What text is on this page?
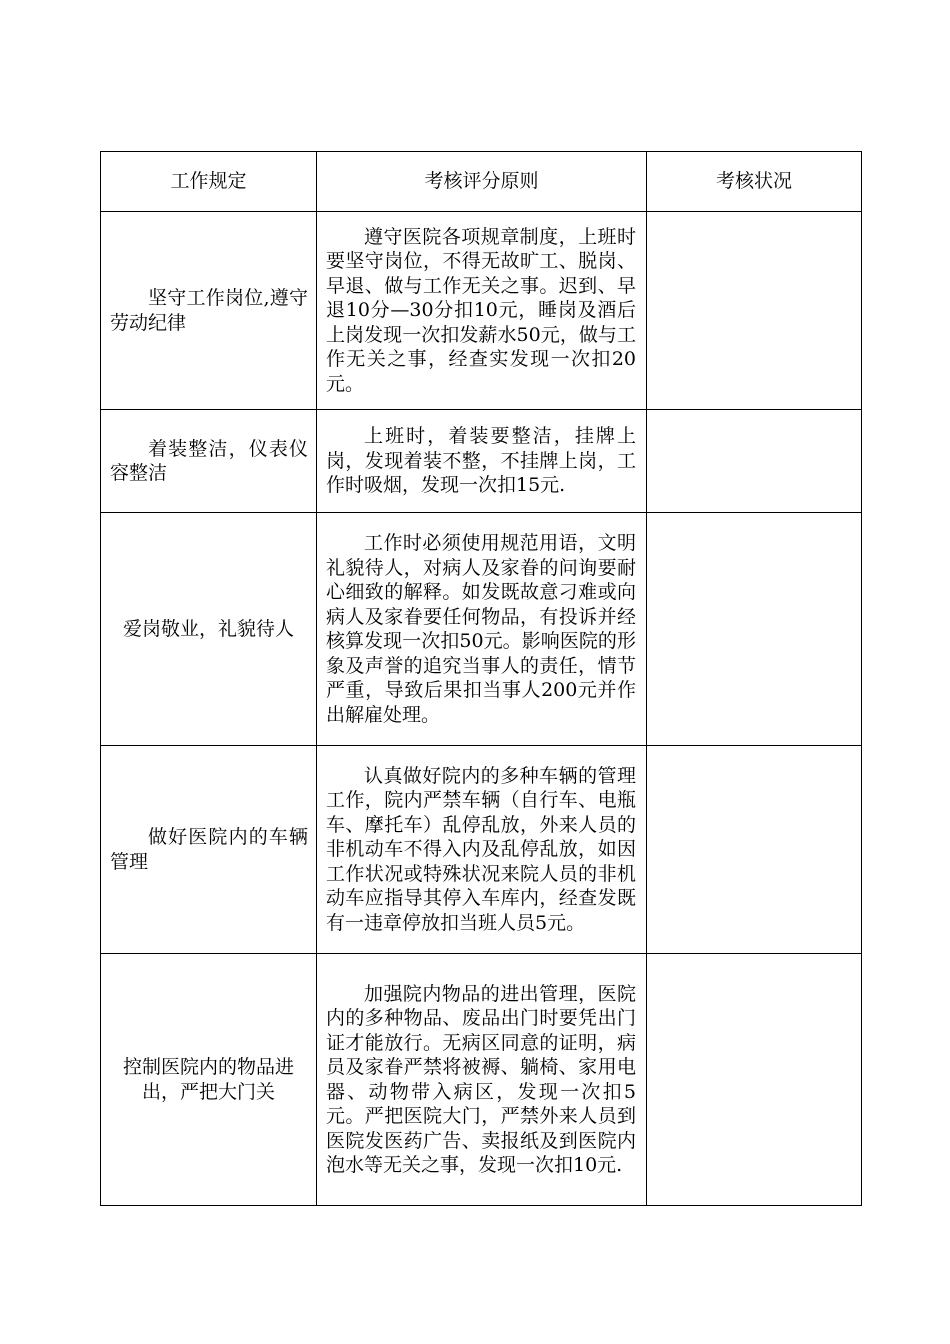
工作规定	考核评分原则	考核状况

坚守工作岗位,遵守劳动纪律	遵守医院各项规章制度，上班时要坚守岗位，不得无故旷工、脱岗、早退、做与工作无关之事。迟到、早退10分—30分扣10元，睡岗及酒后上岗发现一次扣发薪水50元，做与工作无关之事，经查实发现一次扣20元。	

着装整洁，仪表仪容整洁	上班时，着装要整洁，挂牌上岗，发现着装不整，不挂牌上岗，工作时吸烟，发现一次扣15元.	

爱岗敬业，礼貌待人	工作时必须使用规范用语，文明礼貌待人，对病人及家眷的问询要耐心细致的解释。如发既故意刁难或向病人及家眷要任何物品，有投诉并经核算发现一次扣50元。影响医院的形象及声誉的追究当事人的责任，情节严重，导致后果扣当事人200元并作出解雇处理。	

做好医院内的车辆管理	认真做好院内的多种车辆的管理工作，院内严禁车辆（自行车、电瓶车、摩托车）乱停乱放，外来人员的非机动车不得入内及乱停乱放，如因工作状况或特殊状况来院人员的非机动车应指导其停入车库内，经查发既有一违章停放扣当班人员5元。	

控制医院内的物品进出，严把大门关	加强院内物品的进出管理，医院内的多种物品、废品出门时要凭出门证才能放行。无病区同意的证明，病员及家眷严禁将被褥、躺椅、家用电器、动物带入病区，发现一次扣5元。严把医院大门，严禁外来人员到医院发医药广告、卖报纸及到医院内泡水等无关之事，发现一次扣10元.	
